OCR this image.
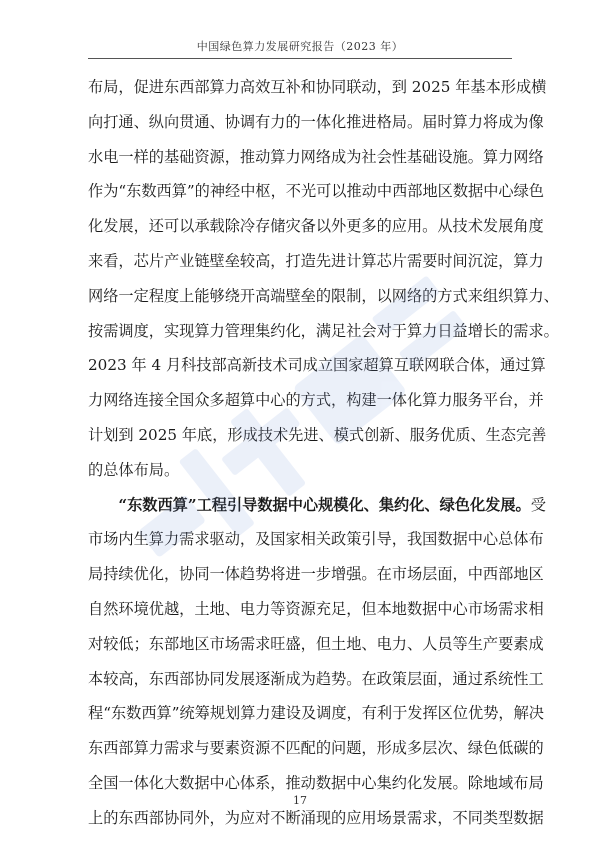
中国绿色算力发展研究报告（2023 年）
布局，促进东西部算力高效互补和协同联动，到 2025 年基本形成横
向打通、纵向贯通、协调有力的一体化推进格局。届时算力将成为像
水电一样的基础资源，推动算力网络成为社会性基础设施。算力网络
作为“东数西算”的神经中枢，不光可以推动中西部地区数据中心绿色
化发展，还可以承载除冷存储灾备以外更多的应用。从技术发展角度
来看，芯片产业链壁垒较高，打造先进计算芯片需要时间沉淀，算力
网络一定程度上能够绕开高端壁垒的限制，以网络的方式来组织算力、
按需调度，实现算力管理集约化，满足社会对于算力日益增长的需求。
2023 年 4 月科技部高新技术司成立国家超算互联网联合体，通过算
力网络连接全国众多超算中心的方式，构建一体化算力服务平台，并
计划到 2025 年底，形成技术先进、模式创新、服务优质、生态完善
的总体布局。
　　“东数西算”工程引导数据中心规模化、集约化、绿色化发展。受
市场内生算力需求驱动，及国家相关政策引导，我国数据中心总体布
局持续优化，协同一体趋势将进一步增强。在市场层面，中西部地区
自然环境优越，土地、电力等资源充足，但本地数据中心市场需求相
对较低；东部地区市场需求旺盛，但土地、电力、人员等生产要素成
本较高，东西部协同发展逐渐成为趋势。在政策层面，通过系统性工
程“东数西算”统筹规划算力建设及调度，有利于发挥区位优势，解决
东西部算力需求与要素资源不匹配的问题，形成多层次、绿色低碳的
全国一体化大数据中心体系，推动数据中心集约化发展。除地域布局
上的东西部协同外，为应对不断涌现的应用场景需求，不同类型数据
17
